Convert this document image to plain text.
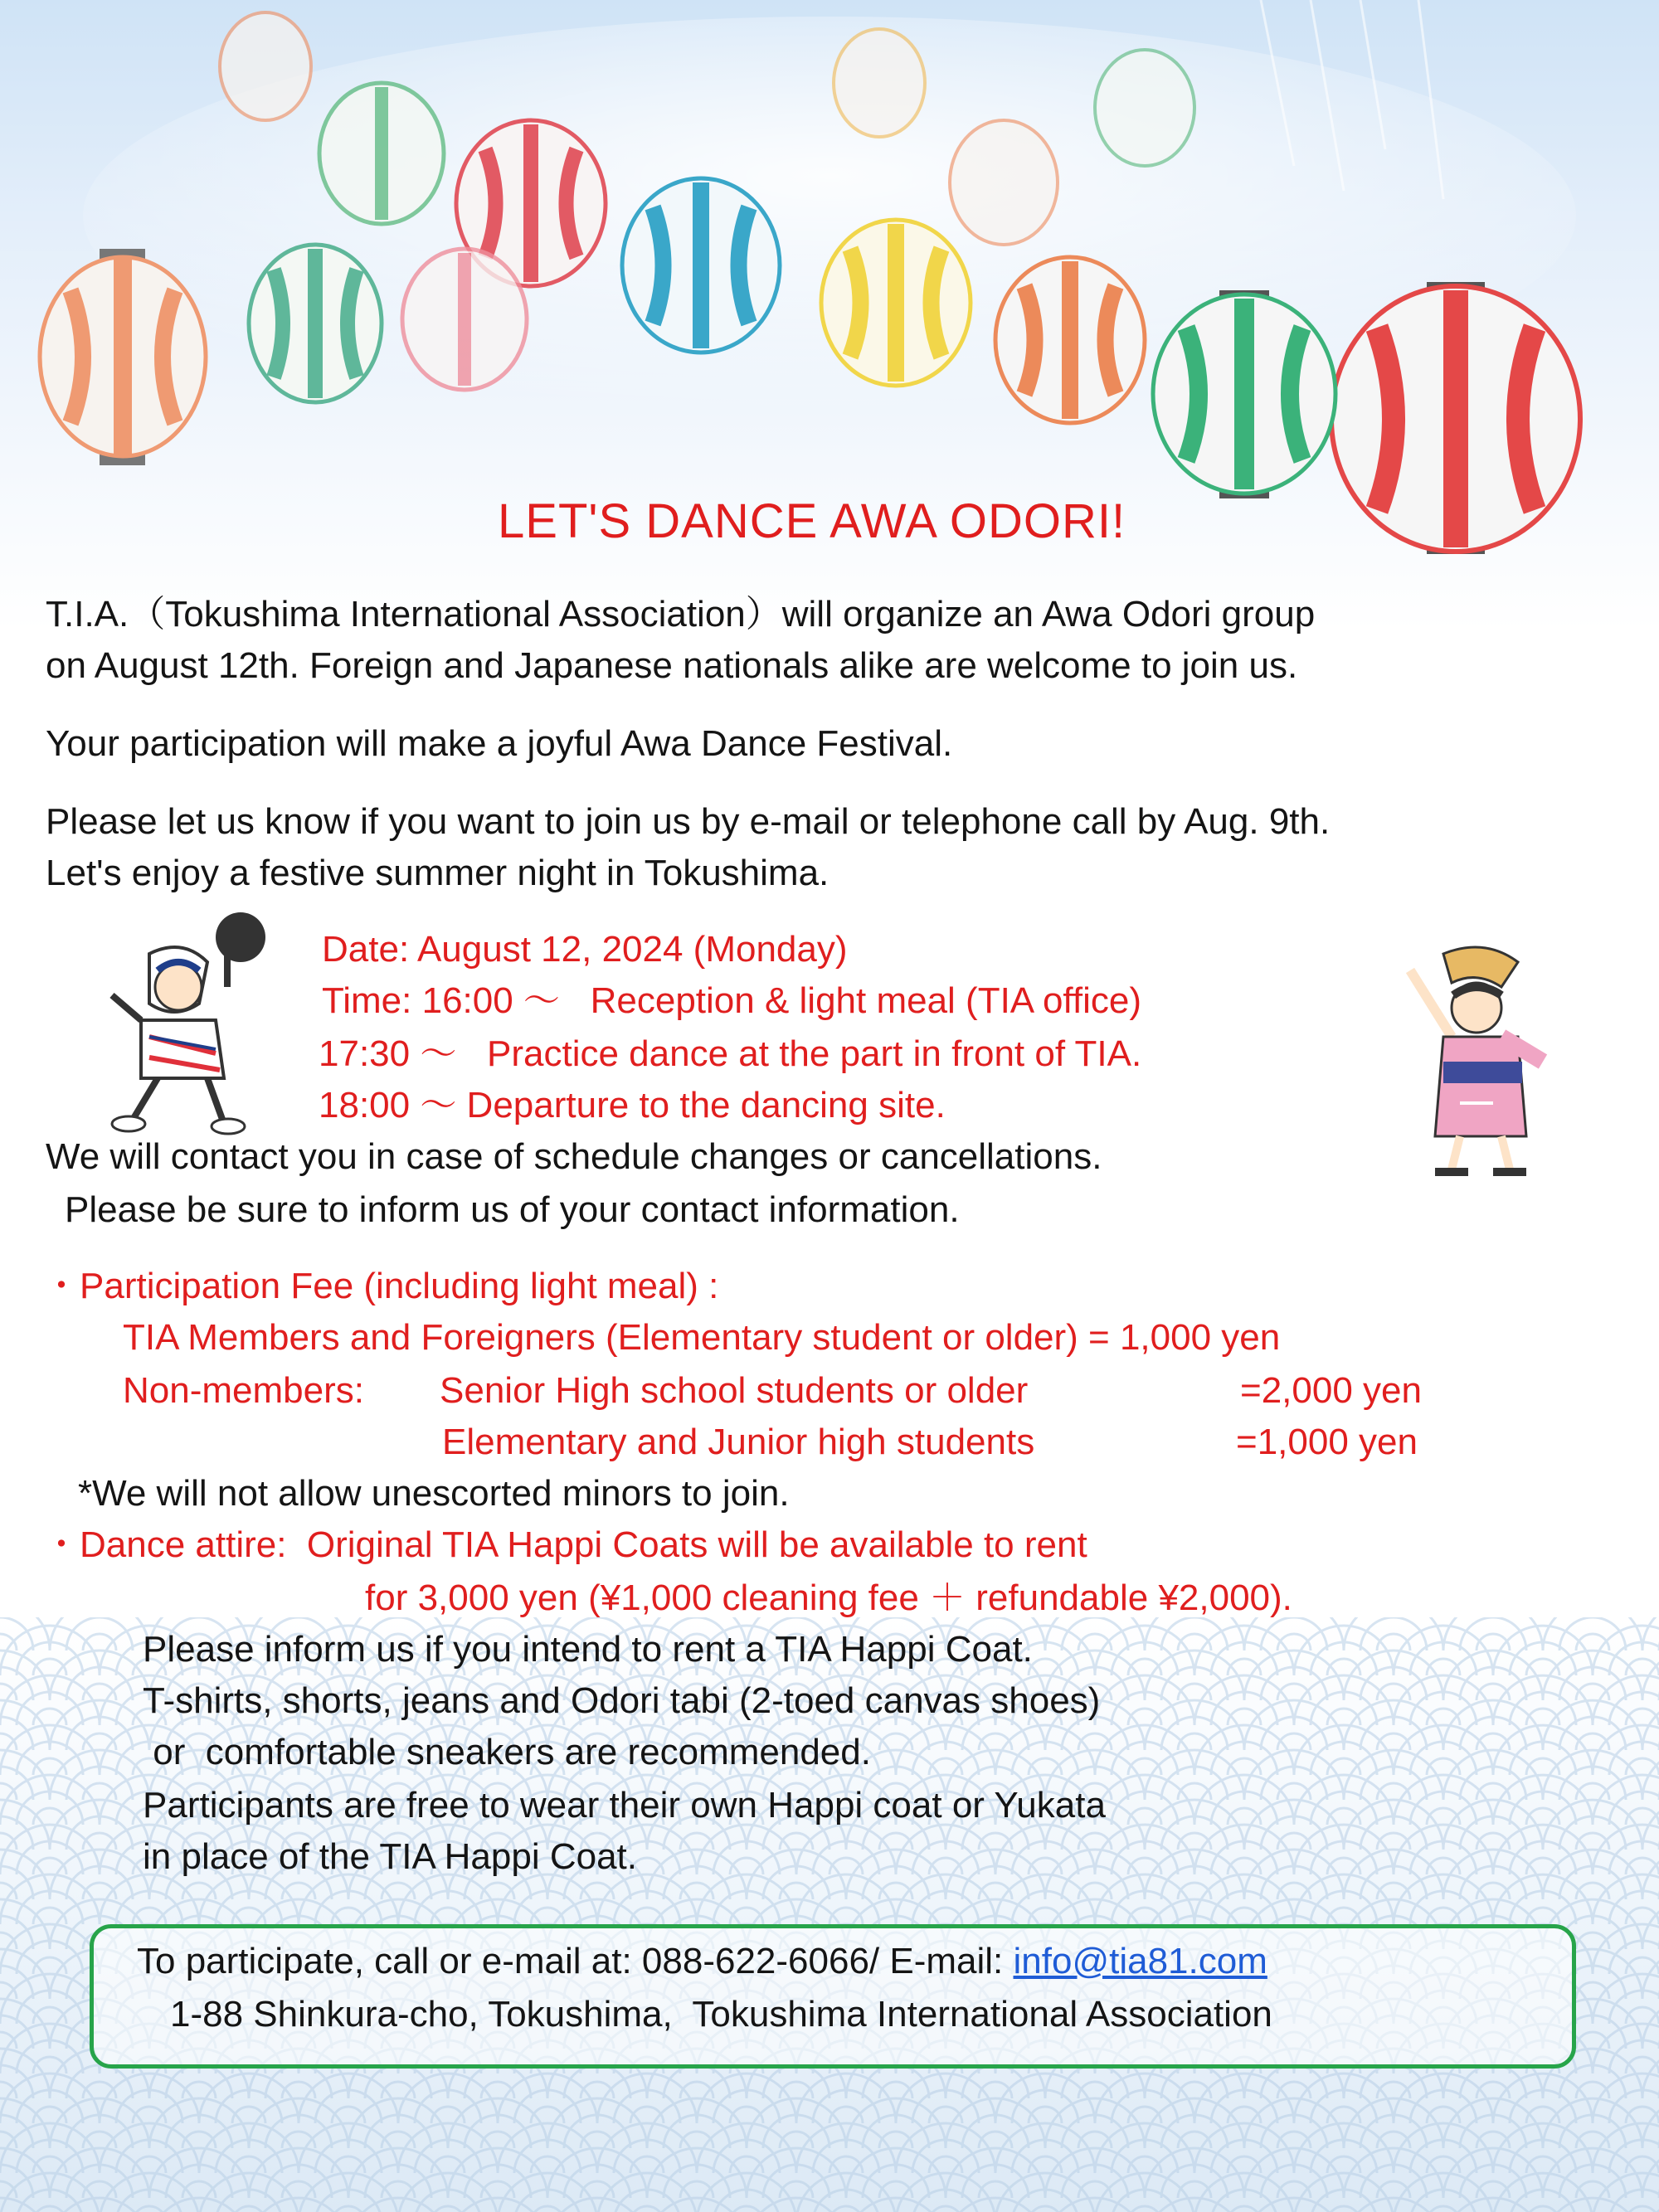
LET'S DANCE AWA ODORI!
T.I.A.（Tokushima International Association）will organize an Awa Odori group
on August 12th. Foreign and Japanese nationals alike are welcome to join us.
Your participation will make a joyful Awa Dance Festival.
Please let us know if you want to join us by e-mail or telephone call by Aug. 9th.
Let's enjoy a festive summer night in Tokushima.
Date: August 12, 2024 (Monday)
Time: 16:00 ～   Reception & light meal (TIA office)
17:30 ～   Practice dance at the part in front of TIA.
18:00 ～ Departure to the dancing site.
We will contact you in case of schedule changes or cancellations.
Please be sure to inform us of your contact information.
・Participation Fee (including light meal) :
TIA Members and Foreigners (Elementary student or older) = 1,000 yen
Non-members: Senior High school students or older	=2,000 yen
Elementary and Junior high students	=1,000 yen
*We will not allow unescorted minors to join.
・Dance attire:  Original TIA Happi Coats will be available to rent
for 3,000 yen (¥1,000 cleaning fee ＋ refundable ¥2,000).
Please inform us if you intend to rent a TIA Happi Coat.
T-shirts, shorts, jeans and Odori tabi (2-toed canvas shoes)
or  comfortable sneakers are recommended.
Participants are free to wear their own Happi coat or Yukata
in place of the TIA Happi Coat.
To participate, call or e-mail at: 088-622-6066/ E-mail: info@tia81.com
1-88 Shinkura-cho, Tokushima,  Tokushima International Association
